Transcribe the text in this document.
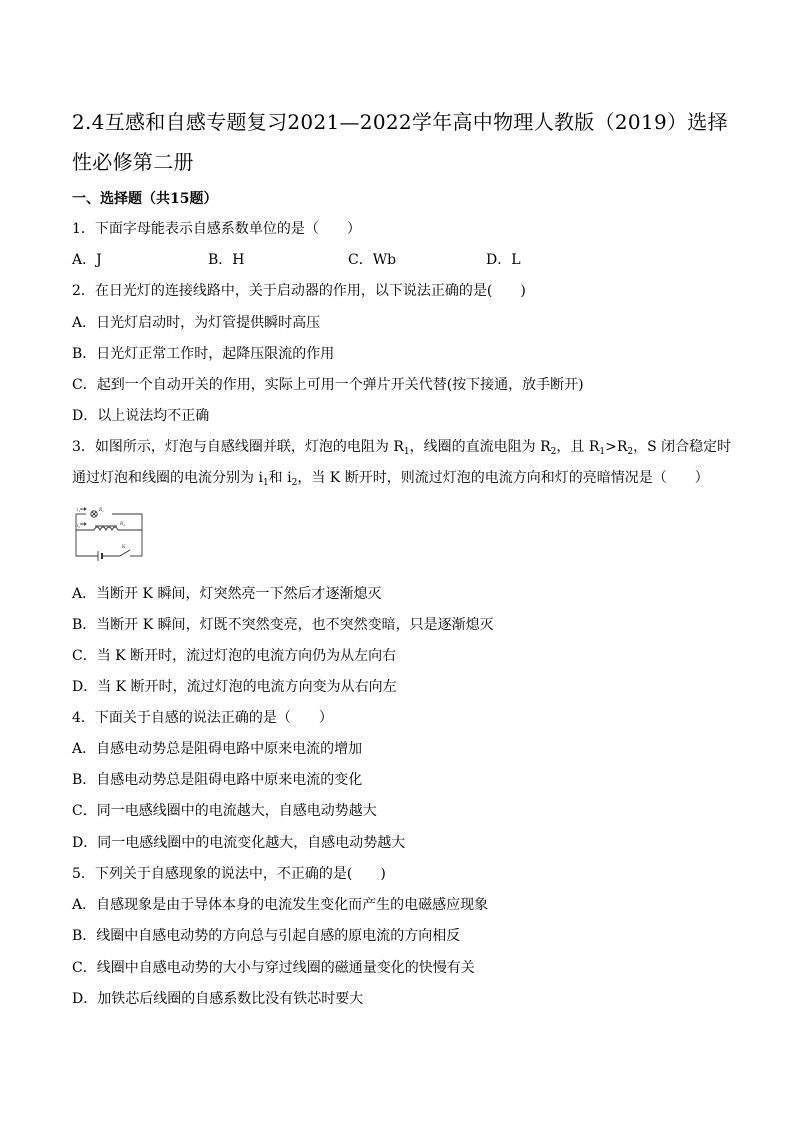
2.4互感和自感专题复习2021—2022学年高中物理人教版（2019）选择性必修第二册
一、选择题（共15题）
1．下面字母能表示自感系数单位的是（　　）
A．J	B．H	C．Wb	D．L
2．在日光灯的连接线路中，关于启动器的作用，以下说法正确的是(　　)
A．日光灯启动时，为灯管提供瞬时高压
B．日光灯正常工作时，起降压限流的作用
C．起到一个自动开关的作用，实际上可用一个弹片开关代替(按下接通，放手断开)
D．以上说法均不正确
3．如图所示，灯泡与自感线圈并联，灯泡的电阻为 $R_1$，线圈的直流电阻为 $R_2$，且 $R_1>R_2$，S 闭合稳定时
通过灯泡和线圈的电流分别为 $i_1$和 $i_2$，当 K 断开时，则流过灯泡的电流方向和灯的亮暗情况是（　　）
$i_1$	$R_1$
$i_2$	$R_2$
K
A．当断开 K 瞬间，灯突然亮一下然后才逐渐熄灭
B．当断开 K 瞬间，灯既不突然变亮，也不突然变暗，只是逐渐熄灭
C．当 K 断开时，流过灯泡的电流方向仍为从左向右
D．当 K 断开时，流过灯泡的电流方向变为从右向左
4．下面关于自感的说法正确的是（　　）
A．自感电动势总是阻碍电路中原来电流的增加
B．自感电动势总是阻碍电路中原来电流的变化
C．同一电感线圈中的电流越大，自感电动势越大
D．同一电感线圈中的电流变化越大，自感电动势越大
5．下列关于自感现象的说法中，不正确的是(　　)
A．自感现象是由于导体本身的电流发生变化而产生的电磁感应现象
B．线圈中自感电动势的方向总与引起自感的原电流的方向相反
C．线圈中自感电动势的大小与穿过线圈的磁通量变化的快慢有关
D．加铁芯后线圈的自感系数比没有铁芯时要大
